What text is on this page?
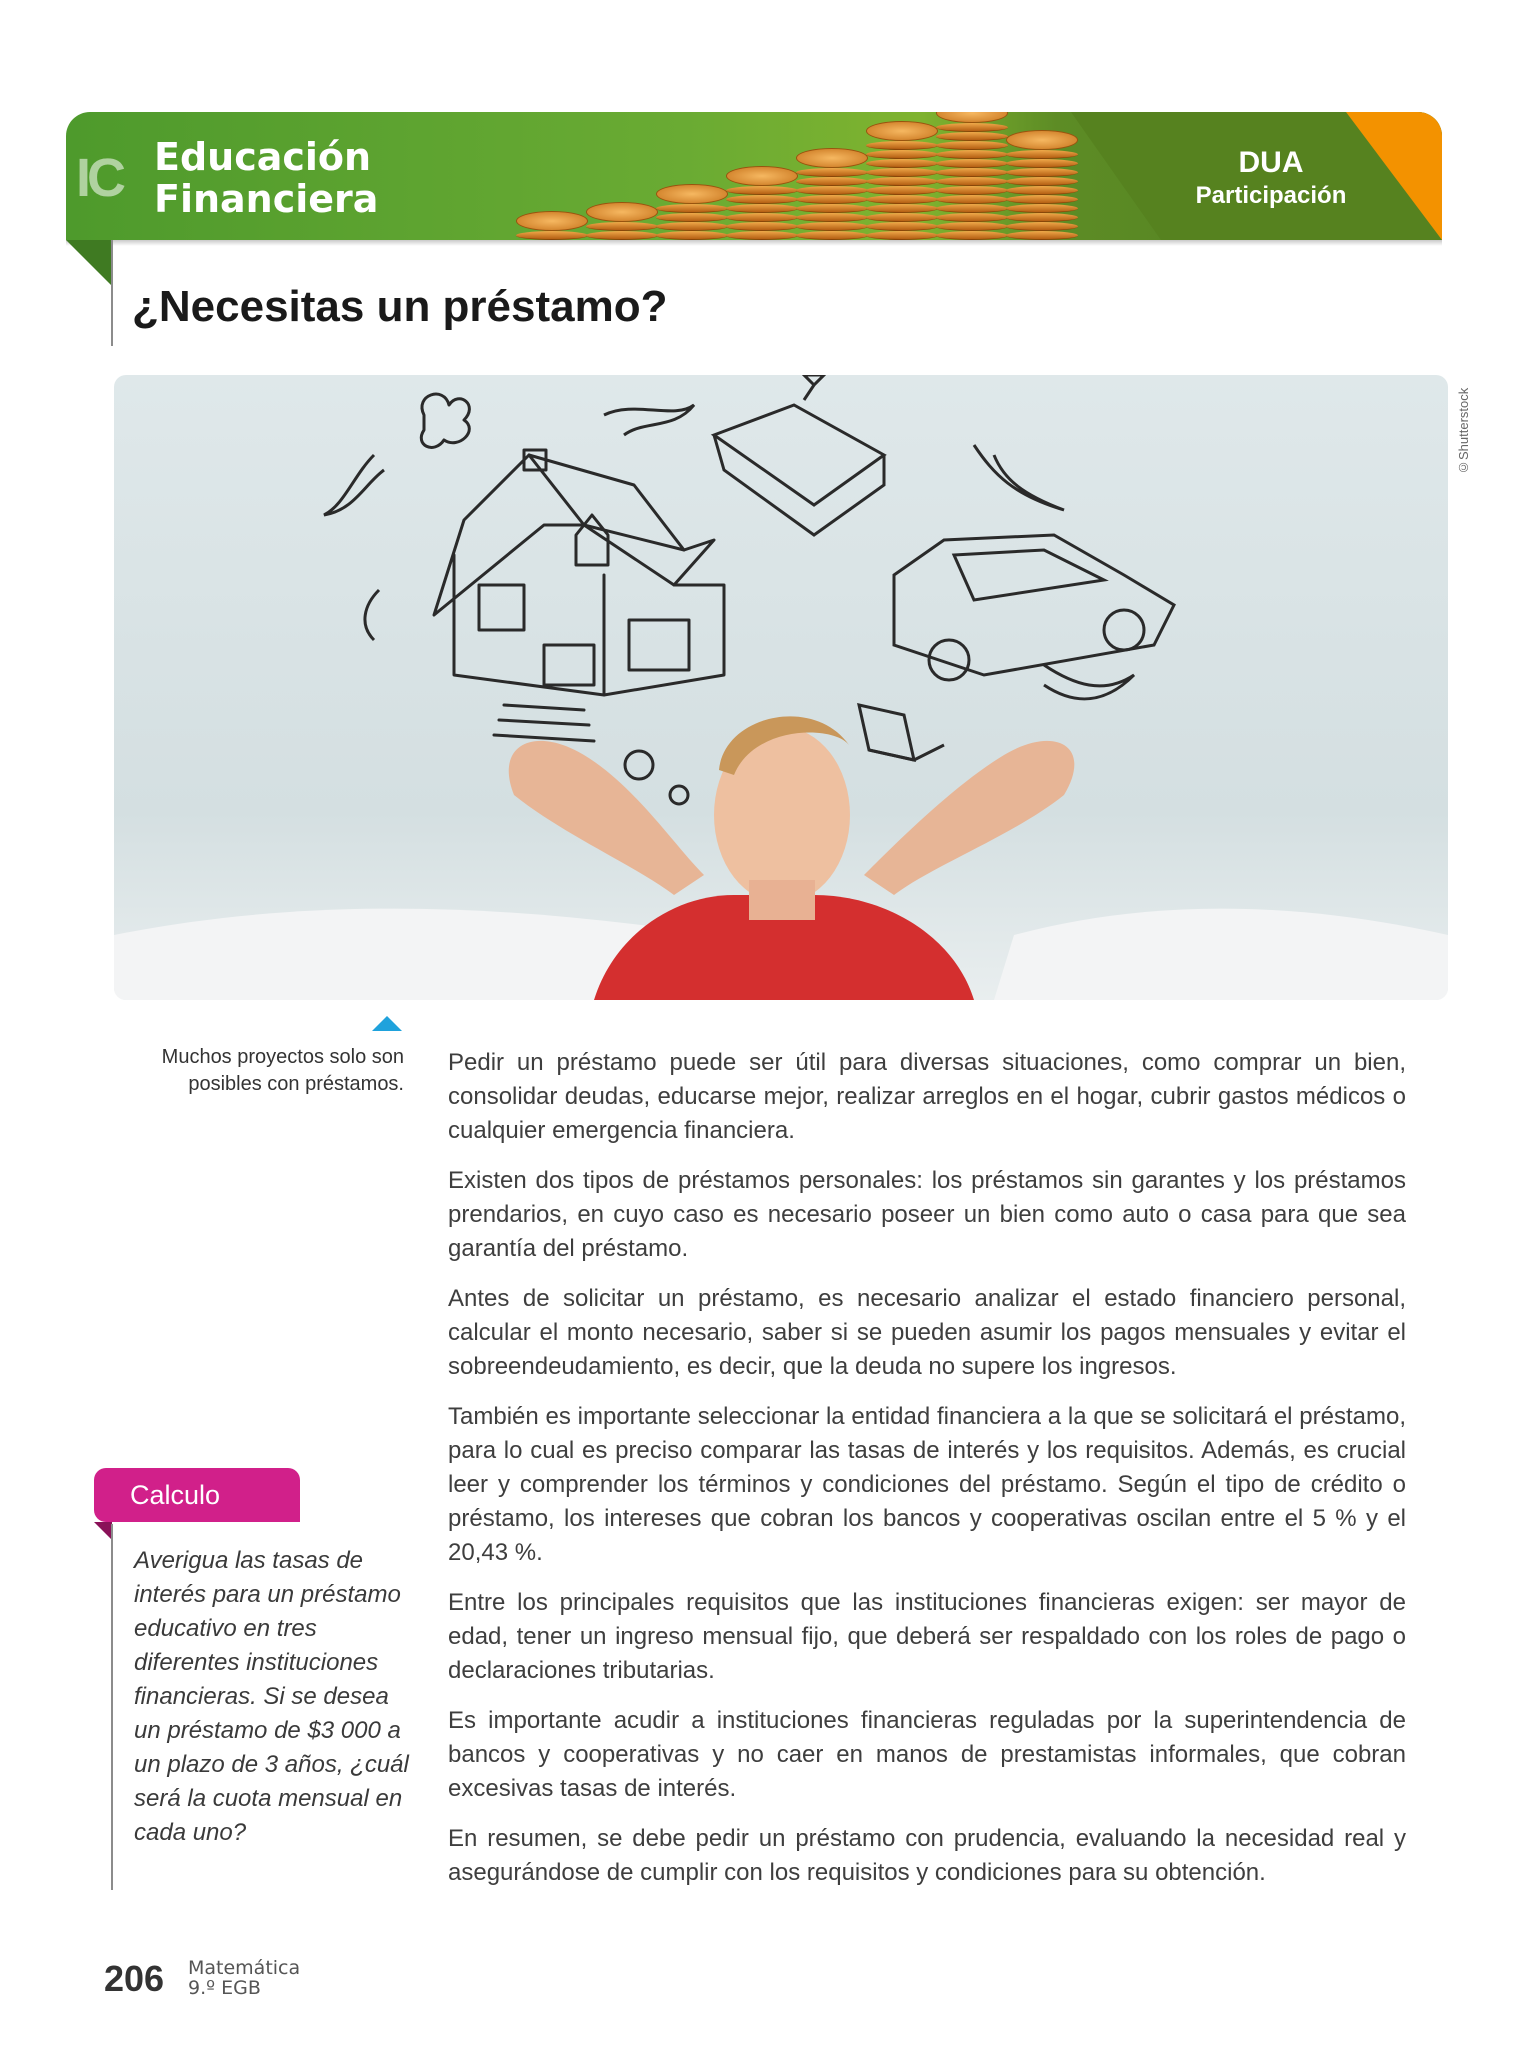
IC Educación
Financiera
DUA
Participación
¿Necesitas un préstamo?
©Shutterstock
Muchos proyectos solo son posibles con préstamos.

Pedir un préstamo puede ser útil para diversas situaciones, como comprar un bien, consolidar deudas, educarse mejor, realizar arreglos en el hogar, cubrir gastos médicos o cualquier emergencia financiera.

Existen dos tipos de préstamos personales: los préstamos sin garantes y los préstamos prendarios, en cuyo caso es necesario poseer un bien como auto o casa para que sea garantía del préstamo.

Antes de solicitar un préstamo, es necesario analizar el estado financiero personal, calcular el monto necesario, saber si se pueden asumir los pagos mensuales y evitar el sobreendeudamiento, es decir, que la deuda no supere los ingresos.

También es importante seleccionar la entidad financiera a la que se solicitará el préstamo, para lo cual es preciso comparar las tasas de interés y los requisitos. Además, es crucial leer y comprender los términos y condiciones del préstamo. Según el tipo de crédito o préstamo, los intereses que cobran los bancos y cooperativas oscilan entre el 5 % y el 20,43 %.

Entre los principales requisitos que las instituciones financieras exigen: ser mayor de edad, tener un ingreso mensual fijo, que deberá ser respaldado con los roles de pago o declaraciones tributarias.

Es importante acudir a instituciones financieras reguladas por la superintendencia de bancos y cooperativas y no caer en manos de prestamistas informales, que cobran excesivas tasas de interés.

En resumen, se debe pedir un préstamo con prudencia, evaluando la necesidad real y asegurándose de cumplir con los requisitos y condiciones para su obtención.

Calculo
Averigua las tasas de interés para un préstamo educativo en tres diferentes instituciones financieras. Si se desea un préstamo de $3 000 a un plazo de 3 años, ¿cuál será la cuota mensual en cada uno?
206 Matemática
9.º EGB
